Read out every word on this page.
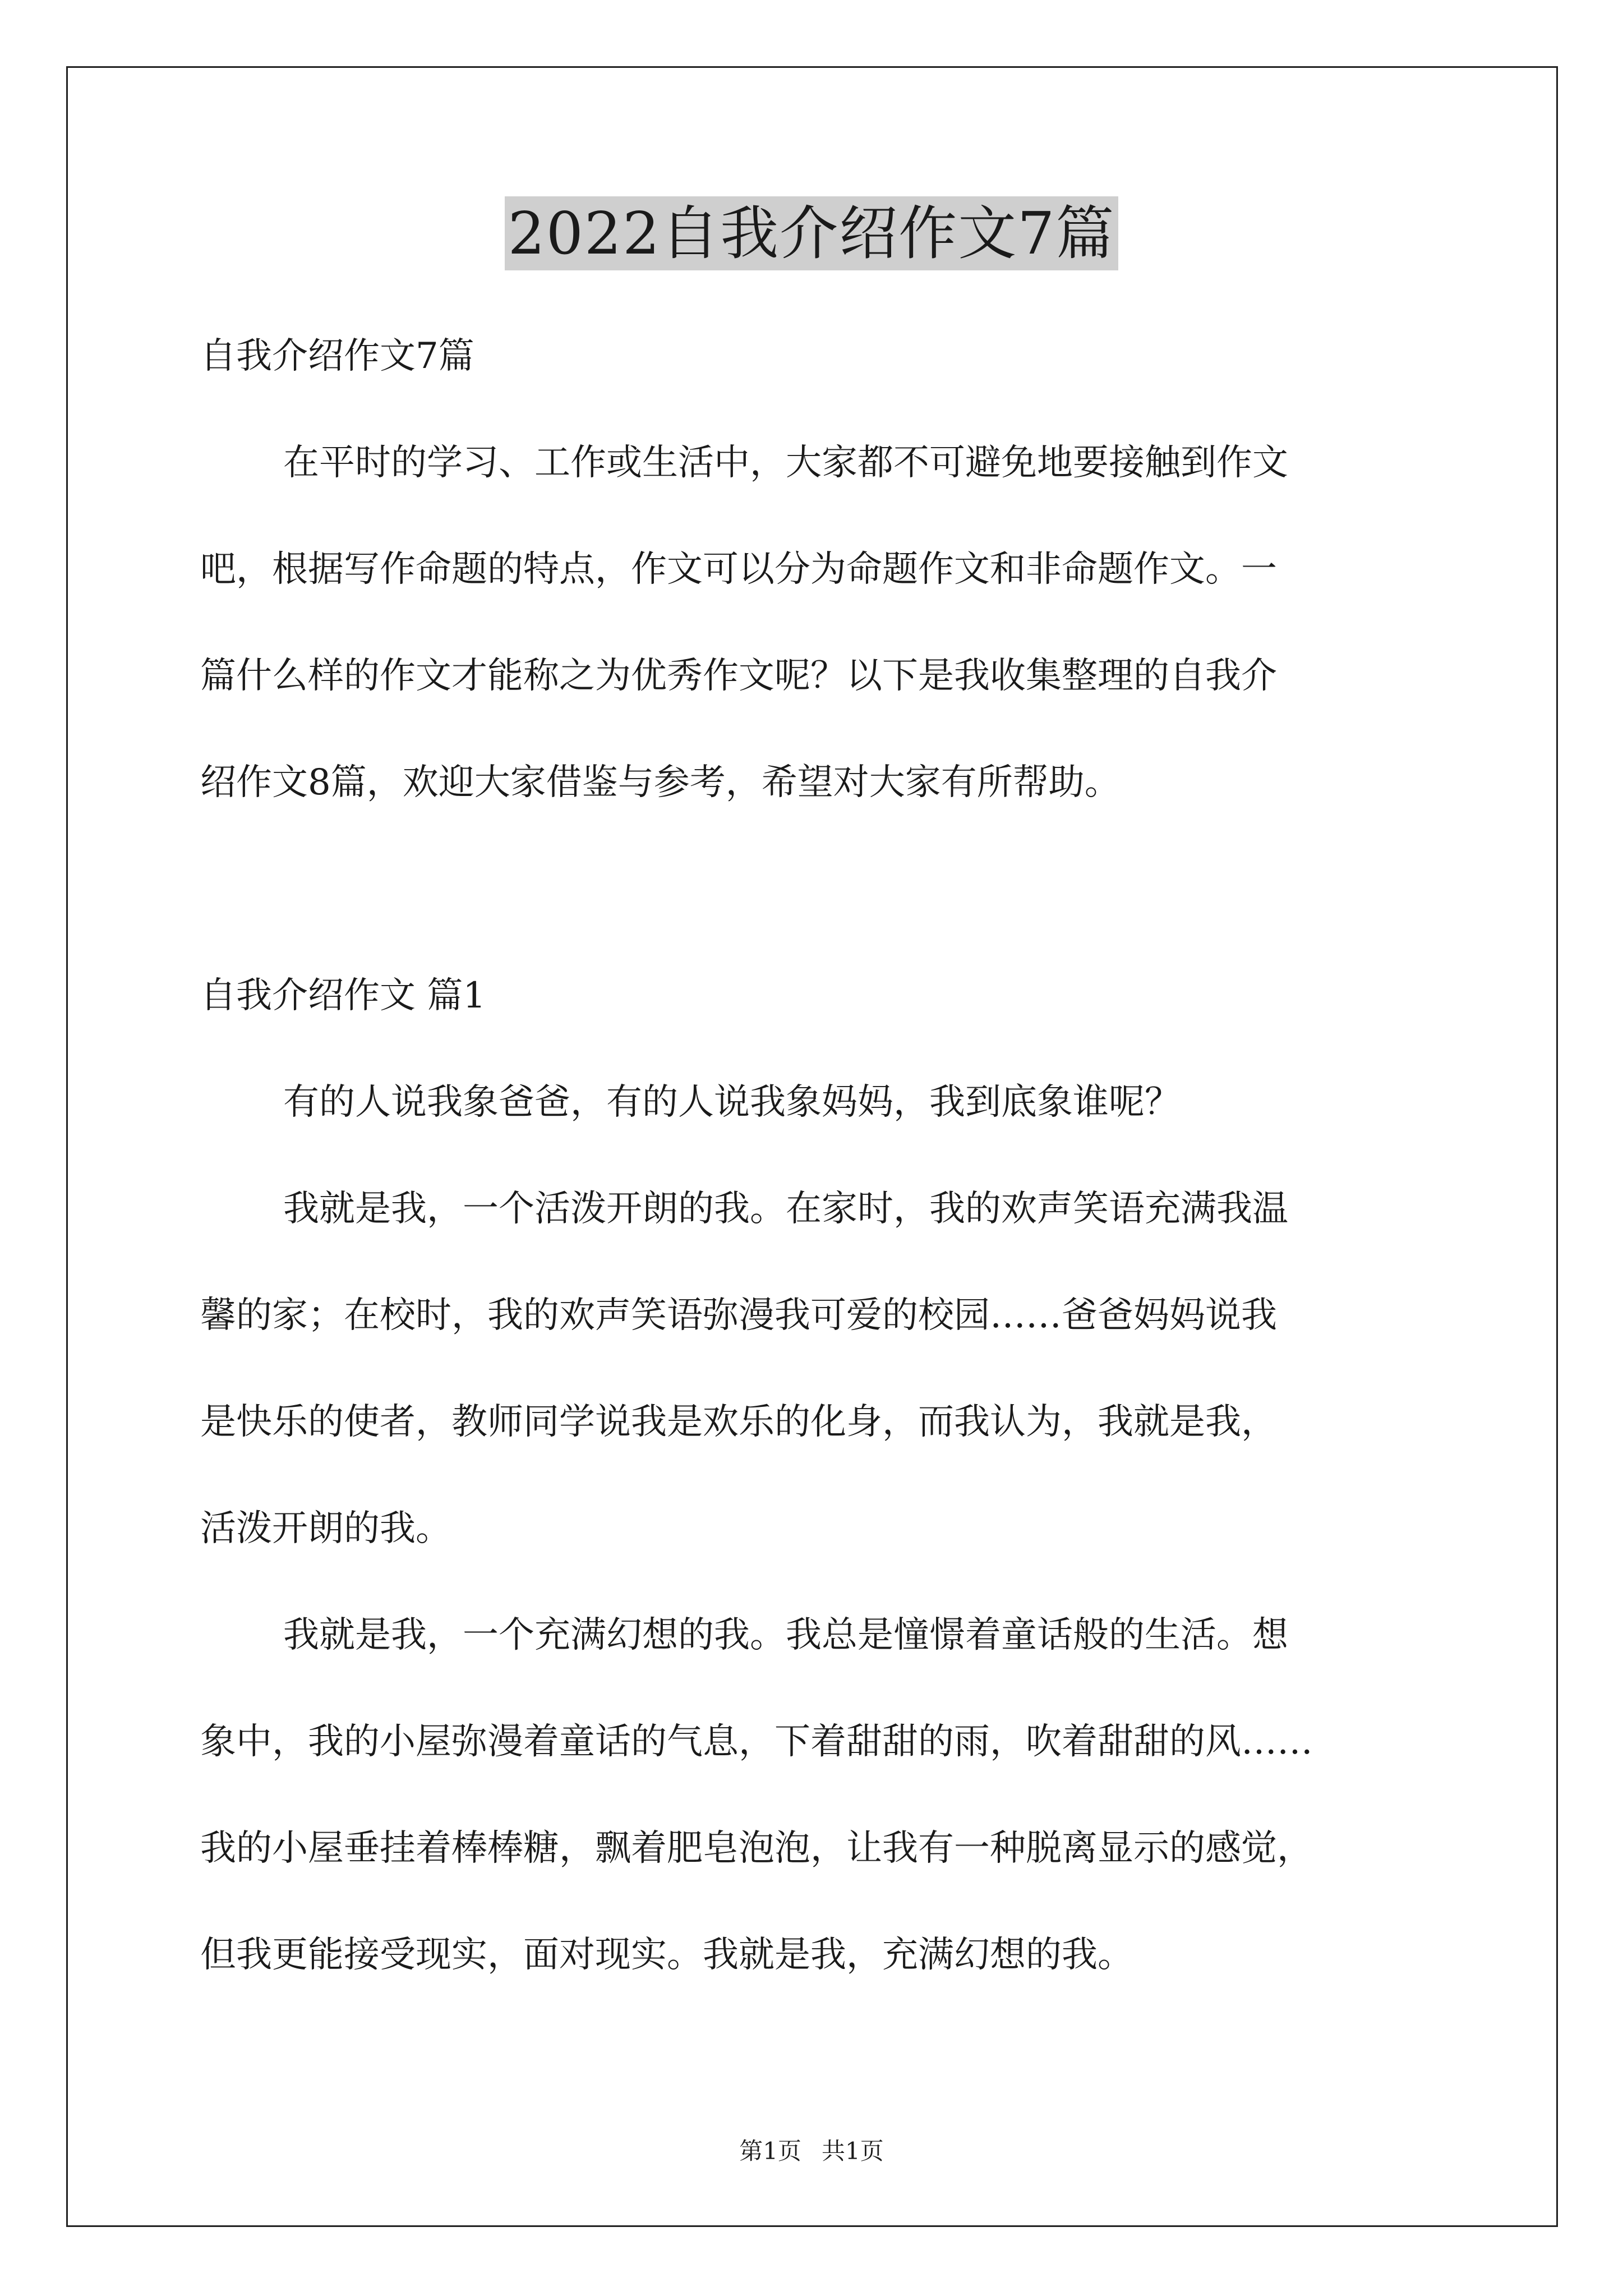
2022自我介绍作文7篇

自我介绍作文7篇

在平时的学习、工作或生活中，大家都不可避免地要接触到作文

吧，根据写作命题的特点，作文可以分为命题作文和非命题作文。一

篇什么样的作文才能称之为优秀作文呢？以下是我收集整理的自我介

绍作文8篇，欢迎大家借鉴与参考，希望对大家有所帮助。

自我介绍作文 篇1

有的人说我象爸爸，有的人说我象妈妈，我到底象谁呢？

我就是我，一个活泼开朗的我。在家时，我的欢声笑语充满我温

馨的家；在校时，我的欢声笑语弥漫我可爱的校园……爸爸妈妈说我

是快乐的使者，教师同学说我是欢乐的化身，而我认为，我就是我，

活泼开朗的我。

我就是我，一个充满幻想的我。我总是憧憬着童话般的生活。想

象中，我的小屋弥漫着童话的气息，下着甜甜的雨，吹着甜甜的风……

我的小屋垂挂着棒棒糖，飘着肥皂泡泡，让我有一种脱离显示的感觉，

但我更能接受现实，面对现实。我就是我，充满幻想的我。

第1页 共1页
